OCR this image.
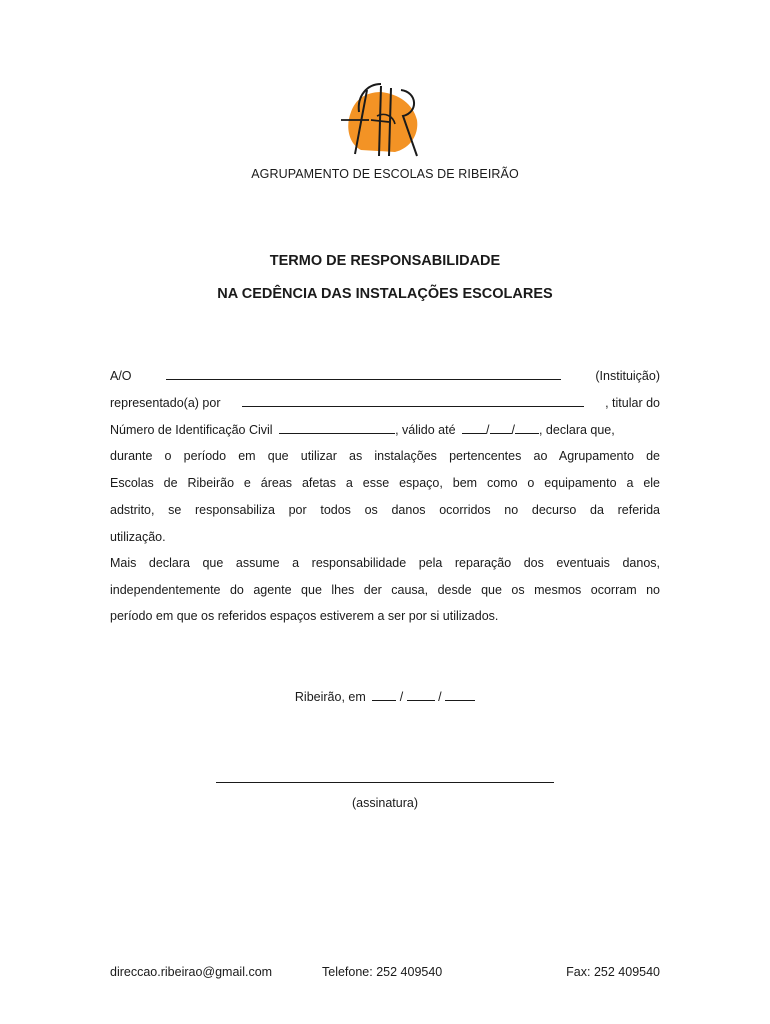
AGRUPAMENTO DE ESCOLAS DE RIBEIRÃO
TERMO DE RESPONSABILIDADE
NA CEDÊNCIA DAS INSTALAÇÕES ESCOLARES
A/O	(Instituição)
representado(a) por	, titular do
Número de Identificação Civil	, válido até / / , declara que,
durante o período em que utilizar as instalações pertencentes ao Agrupamento de
Escolas de Ribeirão e áreas afetas a esse espaço, bem como o equipamento a ele
adstrito, se responsabiliza por todos os danos ocorridos no decurso da referida
utilização.
Mais declara que assume a responsabilidade pela reparação dos eventuais danos,
independentemente do agente que lhes der causa, desde que os mesmos ocorram no
período em que os referidos espaços estiverem a ser por si utilizados.
Ribeirão, em  /  /
(assinatura)
direccao.ribeirao@gmail.com	Telefone: 252 409540	Fax: 252 409540
